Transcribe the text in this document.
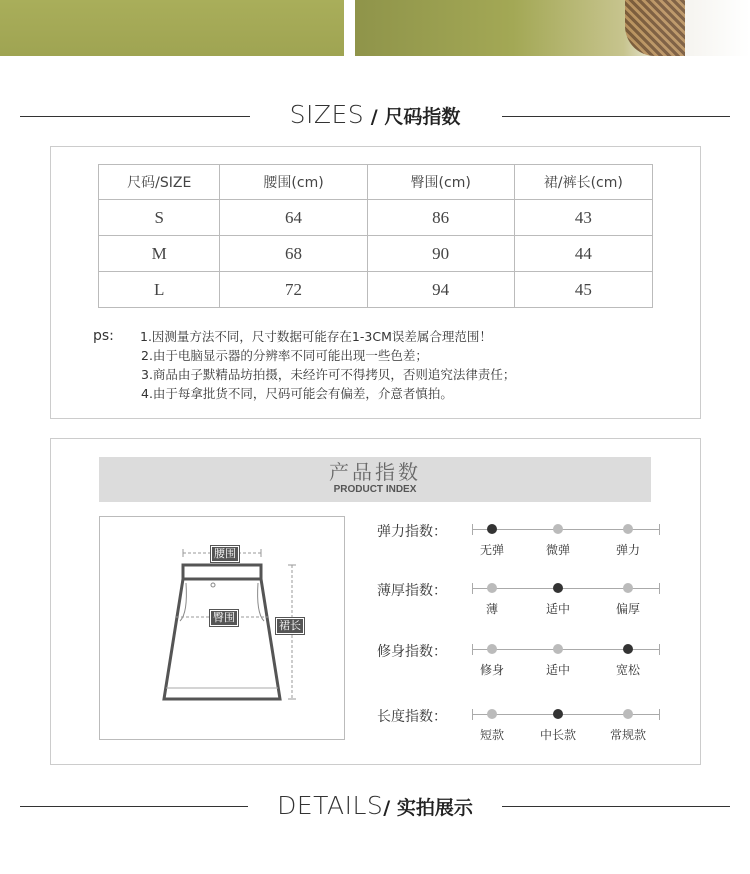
SIZES / 尺码指数
尺码/SIZE	腰围(cm)	臀围(cm)	裙/裤长(cm)
S	64	86	43
M	68	90	44
L	72	94	45
ps: 1.因测量方法不同，尺寸数据可能存在1-3CM误差属合理范围！
2.由于电脑显示器的分辨率不同可能出现一些色差；
3.商品由子默精品坊拍摄，未经许可不得拷贝，否则追究法律责任；
4.由于每拿批货不同，尺码可能会有偏差，介意者慎拍。
产品指数
PRODUCT INDEX
腰围
臀围
裙长
弹力指数：
无弹	微弹	弹力
薄厚指数：
薄	适中	偏厚
修身指数：
修身	适中	宽松
长度指数：
短款	中长款	常规款
DETAILS/ 实拍展示
